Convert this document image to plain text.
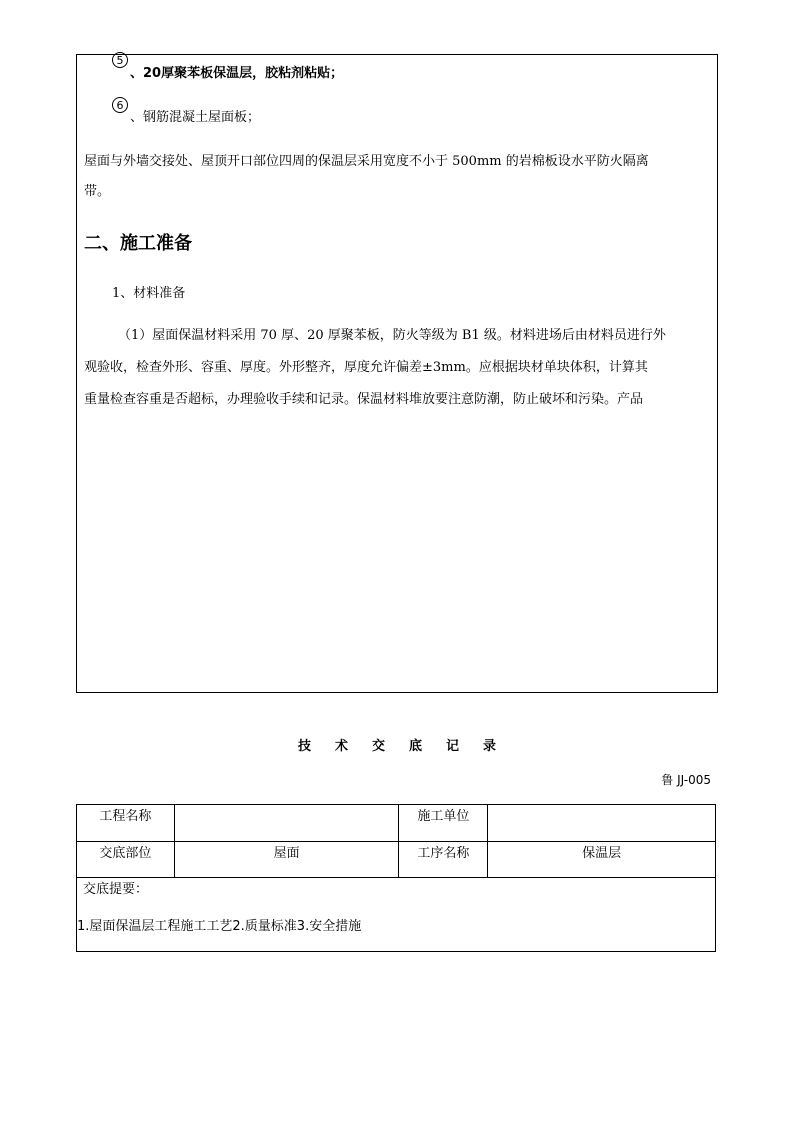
5
、20厚聚苯板保温层，胶粘剂粘贴；
6
、钢筋混凝土屋面板；
屋面与外墙交接处、屋顶开口部位四周的保温层采用宽度不小于 500mm 的岩棉板设水平防火隔离
带。
二、施工准备
1、材料准备
（1）屋面保温材料采用 70 厚、20 厚聚苯板，防火等级为 B1 级。材料进场后由材料员进行外
观验收，检查外形、容重、厚度。外形整齐，厚度允许偏差±3mm。应根据块材单块体积，计算其
重量检查容重是否超标，办理验收手续和记录。保温材料堆放要注意防潮，防止破坏和污染。产品
技术交底记录
鲁 JJ-005
工程名称		施工单位	
交底部位	屋面	工序名称	保温层

交底提要：
1.屋面保温层工程施工工艺2.质量标准3.安全措施			
